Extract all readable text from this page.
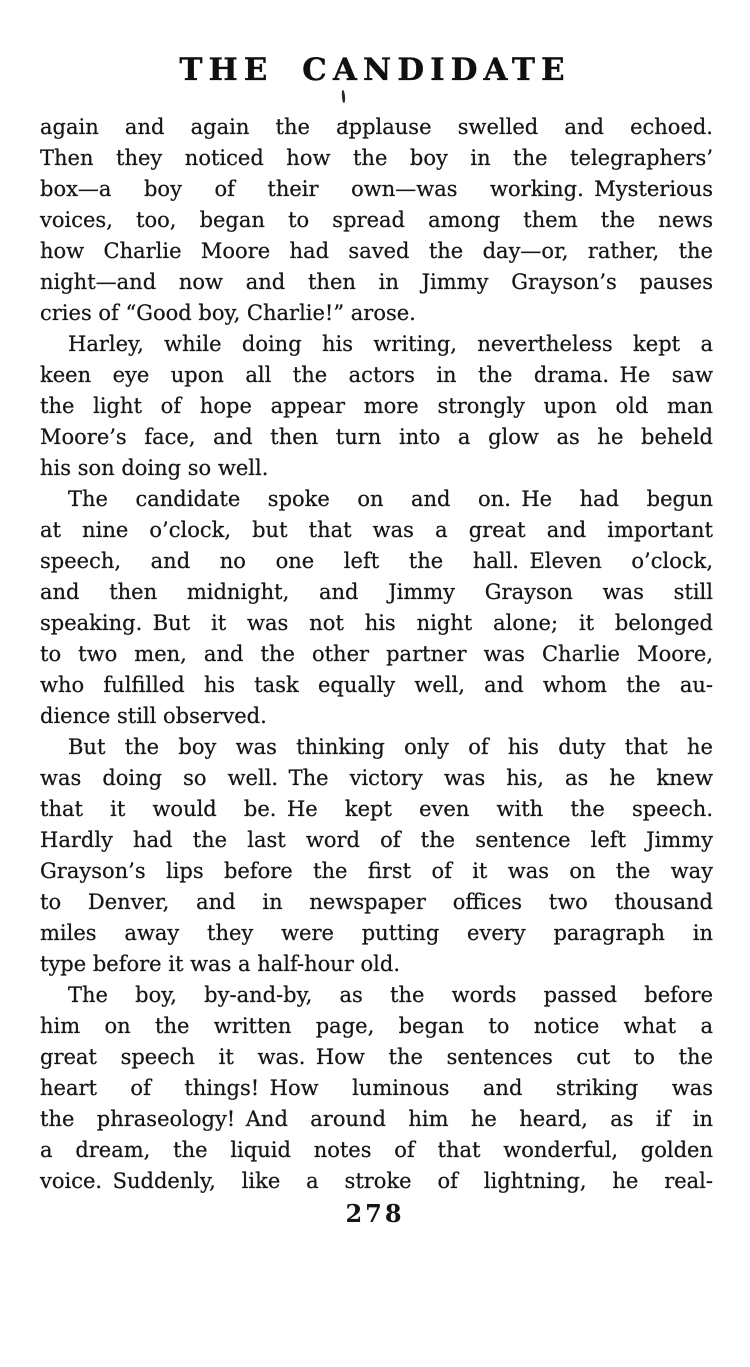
THE CANDIDATE
again and again the applause swelled and echoed.
Then they noticed how the boy in the telegraphers’
box—a boy of their own—was working. Mysterious
voices, too, began to spread among them the news
how Charlie Moore had saved the day—or, rather, the
night—and now and then in Jimmy Grayson’s pauses
cries of “Good boy, Charlie!” arose.
Harley, while doing his writing, nevertheless kept a
keen eye upon all the actors in the drama. He saw
the light of hope appear more strongly upon old man
Moore’s face, and then turn into a glow as he beheld
his son doing so well.
The candidate spoke on and on. He had begun
at nine o’clock, but that was a great and important
speech, and no one left the hall. Eleven o’clock,
and then midnight, and Jimmy Grayson was still
speaking. But it was not his night alone; it belonged
to two men, and the other partner was Charlie Moore,
who fulfilled his task equally well, and whom the au-
dience still observed.
But the boy was thinking only of his duty that he
was doing so well. The victory was his, as he knew
that it would be. He kept even with the speech.
Hardly had the last word of the sentence left Jimmy
Grayson’s lips before the first of it was on the way
to Denver, and in newspaper offices two thousand
miles away they were putting every paragraph in
type before it was a half-hour old.
The boy, by-and-by, as the words passed before
him on the written page, began to notice what a
great speech it was. How the sentences cut to the
heart of things! How luminous and striking was
the phraseology! And around him he heard, as if in
a dream, the liquid notes of that wonderful, golden
voice. Suddenly, like a stroke of lightning, he real-
278
